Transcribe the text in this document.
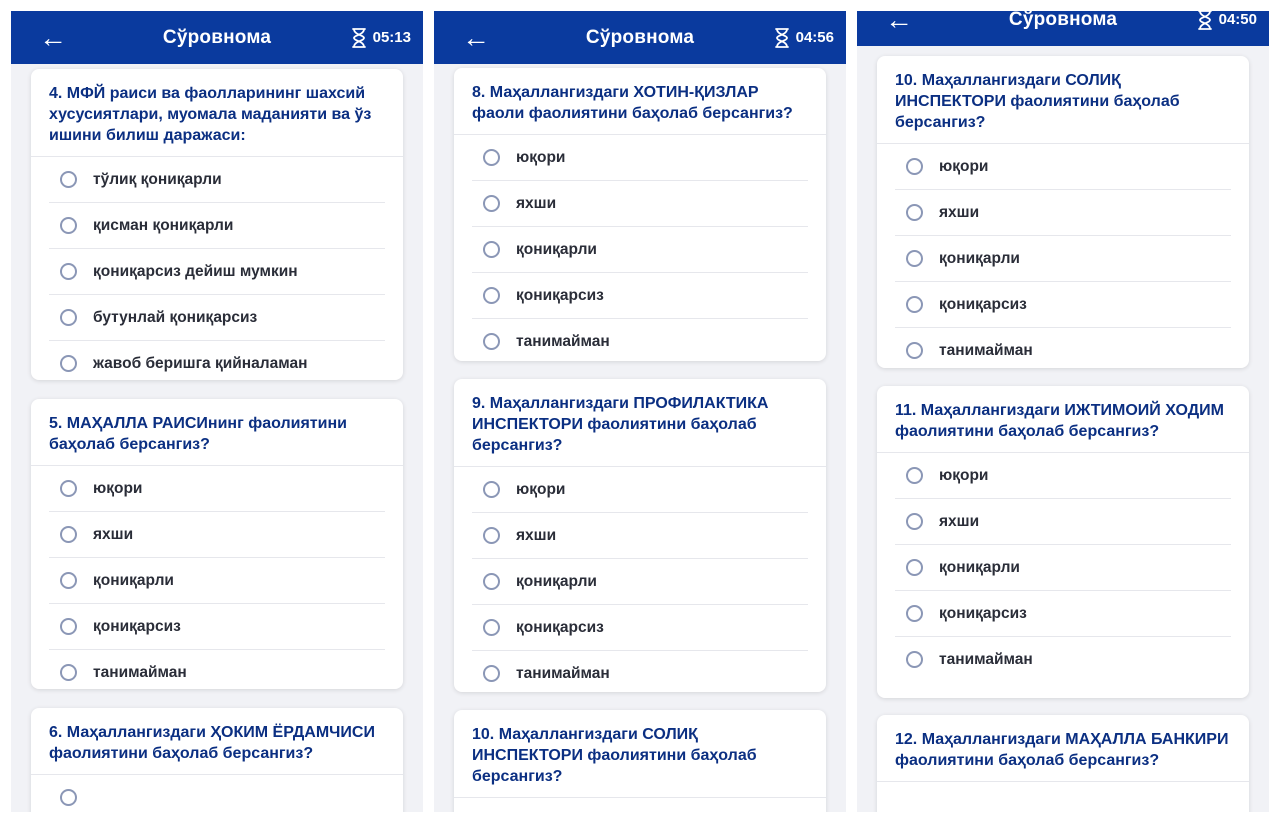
←	Сўровнома	05:13
4. МФЙ раиси ва фаолларининг шахсий хусусиятлари, муомала маданияти ва ўз ишини билиш даражаси:
тўлиқ қониқарли
қисман қониқарли
қониқарсиз дейиш мумкин
бутунлай қониқарсиз
жавоб беришга қийналаман
5. МАҲАЛЛА РАИСИнинг фаолиятини баҳолаб берсангиз?
юқори
яхши
қониқарли
қониқарсиз
танимайман
6. Маҳаллангиздаги ҲОКИМ ЁРДАМЧИСИ фаолиятини баҳолаб берсангиз?
←	Сўровнома	04:56
8. Маҳаллангиздаги ХОТИН-ҚИЗЛАР фаоли фаолиятини баҳолаб берсангиз?
юқори
яхши
қониқарли
қониқарсиз
танимайман
9. Маҳаллангиздаги ПРОФИЛАКТИКА ИНСПЕКТОРИ фаолиятини баҳолаб берсангиз?
юқори
яхши
қониқарли
қониқарсиз
танимайман
10. Маҳаллангиздаги СОЛИҚ ИНСПЕКТОРИ фаолиятини баҳолаб берсангиз?
←	Сўровнома	04:50
10. Маҳаллангиздаги СОЛИҚ ИНСПЕКТОРИ фаолиятини баҳолаб берсангиз?
юқори
яхши
қониқарли
қониқарсиз
танимайман
11. Маҳаллангиздаги ИЖТИМОИЙ ХОДИМ фаолиятини баҳолаб берсангиз?
юқори
яхши
қониқарли
қониқарсиз
танимайман
12. Маҳаллангиздаги МАҲАЛЛА БАНКИРИ фаолиятини баҳолаб берсангиз?
